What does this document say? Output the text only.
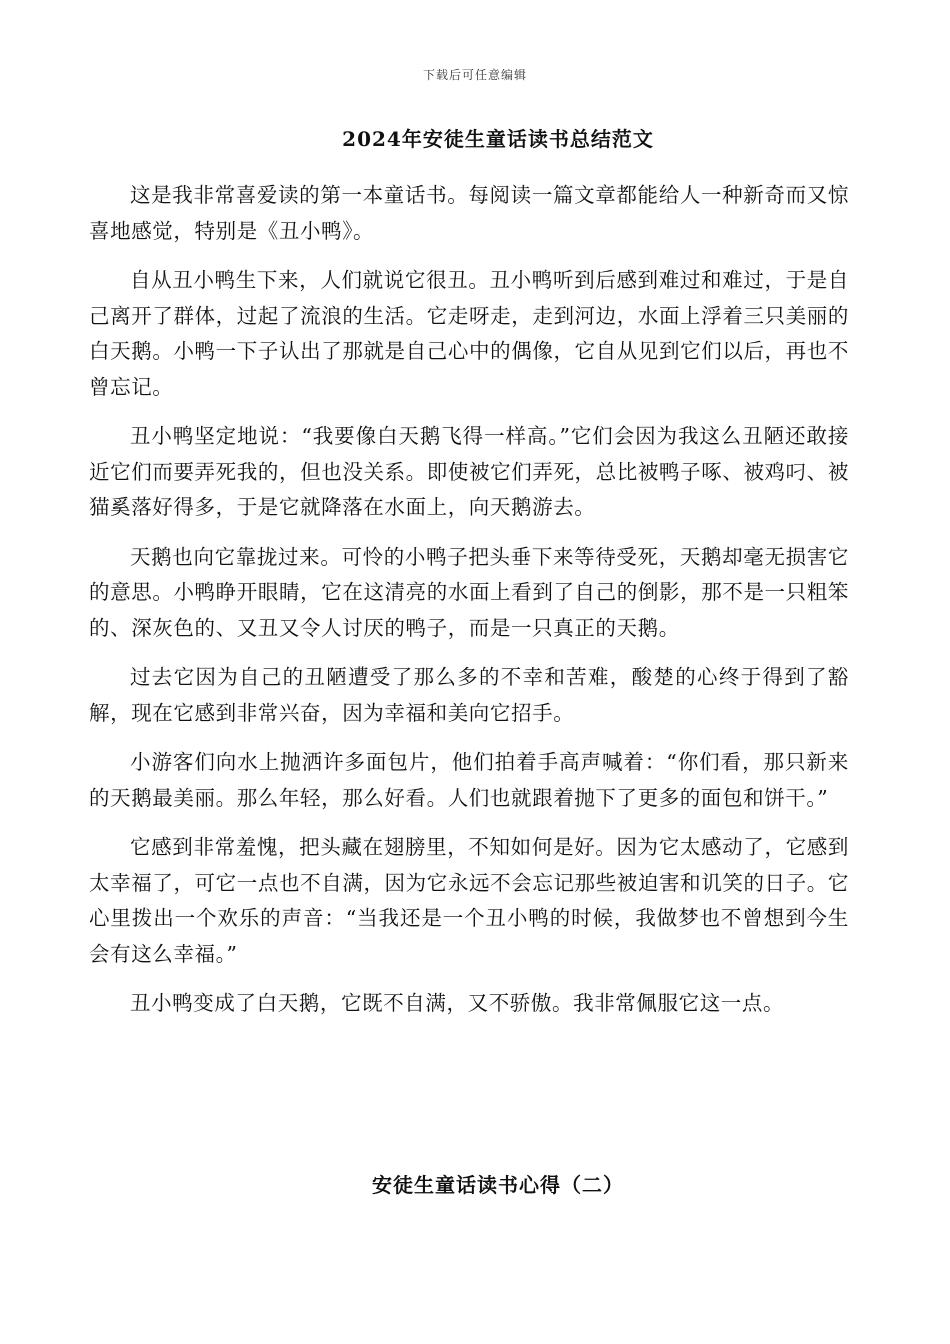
下载后可任意编辑
2024年安徒生童话读书总结范文

这是我非常喜爱读的第一本童话书。每阅读一篇文章都能给人一种新奇而又惊喜地感觉，特别是《丑小鸭》。

自从丑小鸭生下来，人们就说它很丑。丑小鸭听到后感到难过和难过，于是自己离开了群体，过起了流浪的生活。它走呀走，走到河边，水面上浮着三只美丽的白天鹅。小鸭一下子认出了那就是自己心中的偶像，它自从见到它们以后，再也不曾忘记。

丑小鸭坚定地说：“我要像白天鹅飞得一样高。”它们会因为我这么丑陋还敢接近它们而要弄死我的，但也没关系。即使被它们弄死，总比被鸭子啄、被鸡叼、被猫奚落好得多，于是它就降落在水面上，向天鹅游去。

天鹅也向它靠拢过来。可怜的小鸭子把头垂下来等待受死，天鹅却毫无损害它的意思。小鸭睁开眼睛，它在这清亮的水面上看到了自己的倒影，那不是一只粗笨的、深灰色的、又丑又令人讨厌的鸭子，而是一只真正的天鹅。

过去它因为自己的丑陋遭受了那么多的不幸和苦难，酸楚的心终于得到了豁解，现在它感到非常兴奋，因为幸福和美向它招手。

小游客们向水上抛洒许多面包片，他们拍着手高声喊着：“你们看，那只新来的天鹅最美丽。那么年轻，那么好看。人们也就跟着抛下了更多的面包和饼干。”

它感到非常羞愧，把头藏在翅膀里，不知如何是好。因为它太感动了，它感到太幸福了，可它一点也不自满，因为它永远不会忘记那些被迫害和讥笑的日子。它心里拨出一个欢乐的声音：“当我还是一个丑小鸭的时候，我做梦也不曾想到今生会有这么幸福。”

丑小鸭变成了白天鹅，它既不自满，又不骄傲。我非常佩服它这一点。

安徒生童话读书心得（二）
